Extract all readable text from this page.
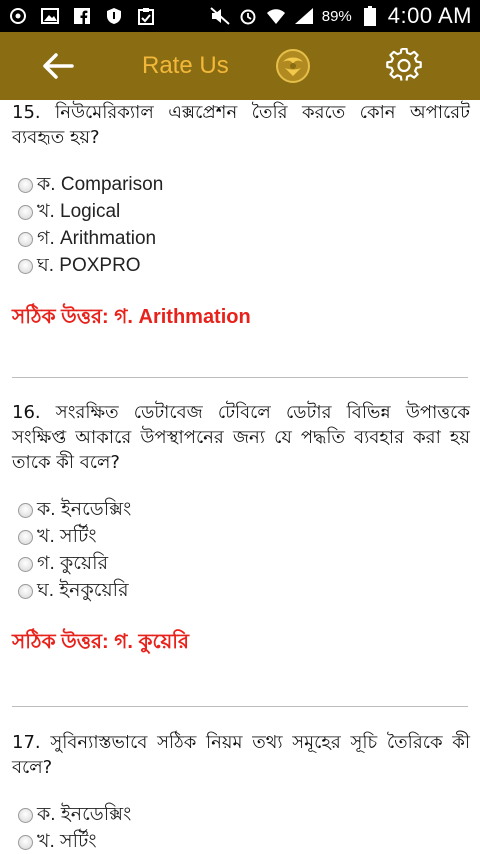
89% 4:00 AM
Rate Us
15. নিউমেরিক্যাল এক্সপ্রেশন তৈরি করতে কোন অপারেট ব্যবহৃত হয়?
ক. Comparison
খ. Logical
গ. Arithmation
ঘ. POXPRO
সঠিক উত্তর: গ. Arithmation
16. সংরক্ষিত ডেটাবেজ টেবিলে ডেটার বিভিন্ন উপাত্তকে সংক্ষিপ্ত আকারে উপস্থাপনের জন্য যে পদ্ধতি ব্যবহার করা হয় তাকে কী বলে?
ক. ইনডেক্সিং
খ. সর্টিং
গ. কুয়েরি
ঘ. ইনকুয়েরি
সঠিক উত্তর: গ. কুয়েরি
17. সুবিন্যাস্তভাবে সঠিক নিয়ম তথ্য সমূহের সূচি তৈরিকে কী বলে?
ক. ইনডেক্সিং
খ. সর্টিং
